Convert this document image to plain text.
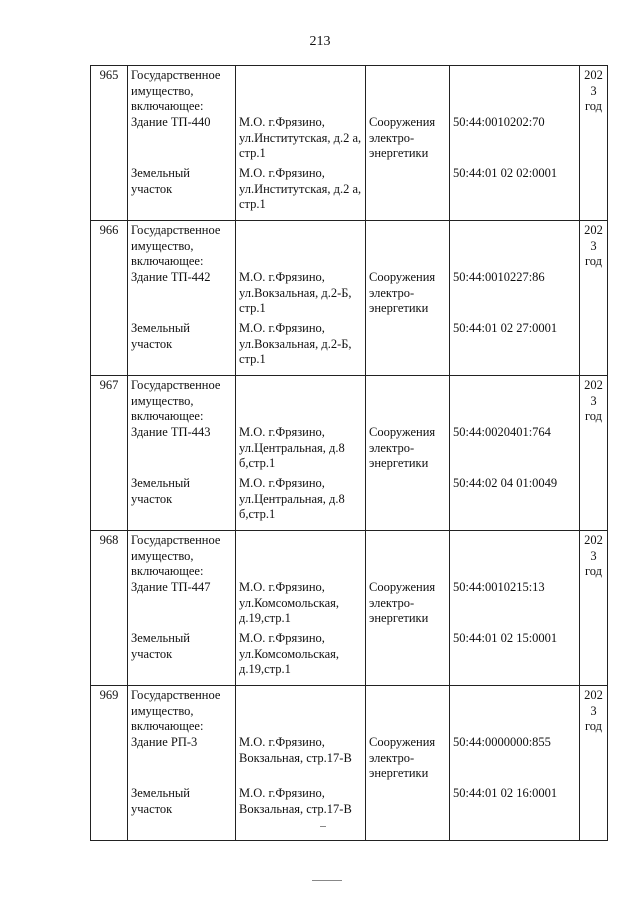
213
965	Государственное имущество, включающее:				2023 год
	Здание ТП-440	М.О. г.Фрязино, ул.Институтская, д.2 а, стр.1	Сооружения электро-энергетики	50:44:0010202:70	
	Земельный участок	М.О. г.Фрязино, ул.Институтская, д.2 а, стр.1		50:44:01 02 02:0001	
966	Государственное имущество, включающее:				2023 год
	Здание ТП-442	М.О. г.Фрязино, ул.Вокзальная, д.2-Б, стр.1	Сооружения электро-энергетики	50:44:0010227:86	
	Земельный участок	М.О. г.Фрязино, ул.Вокзальная, д.2-Б, стр.1		50:44:01 02 27:0001	
967	Государственное имущество, включающее:				2023 год
	Здание ТП-443	М.О. г.Фрязино, ул.Центральная, д.8 б,стр.1	Сооружения электро-энергетики	50:44:0020401:764	
	Земельный участок	М.О. г.Фрязино, ул.Центральная, д.8 б,стр.1		50:44:02 04 01:0049	
968	Государственное имущество, включающее:				2023 год
	Здание ТП-447	М.О. г.Фрязино, ул.Комсомольская, д.19,стр.1	Сооружения электро-энергетики	50:44:0010215:13	
	Земельный участок	М.О. г.Фрязино, ул.Комсомольская, д.19,стр.1		50:44:01 02 15:0001	
969	Государственное имущество, включающее:				2023 год
	Здание РП-3	М.О. г.Фрязино, Вокзальная, стр.17-В	Сооружения электро-энергетики	50:44:0000000:855	
	Земельный участок	М.О. г.Фрязино, Вокзальная, стр.17-В		50:44:01 02 16:0001	
